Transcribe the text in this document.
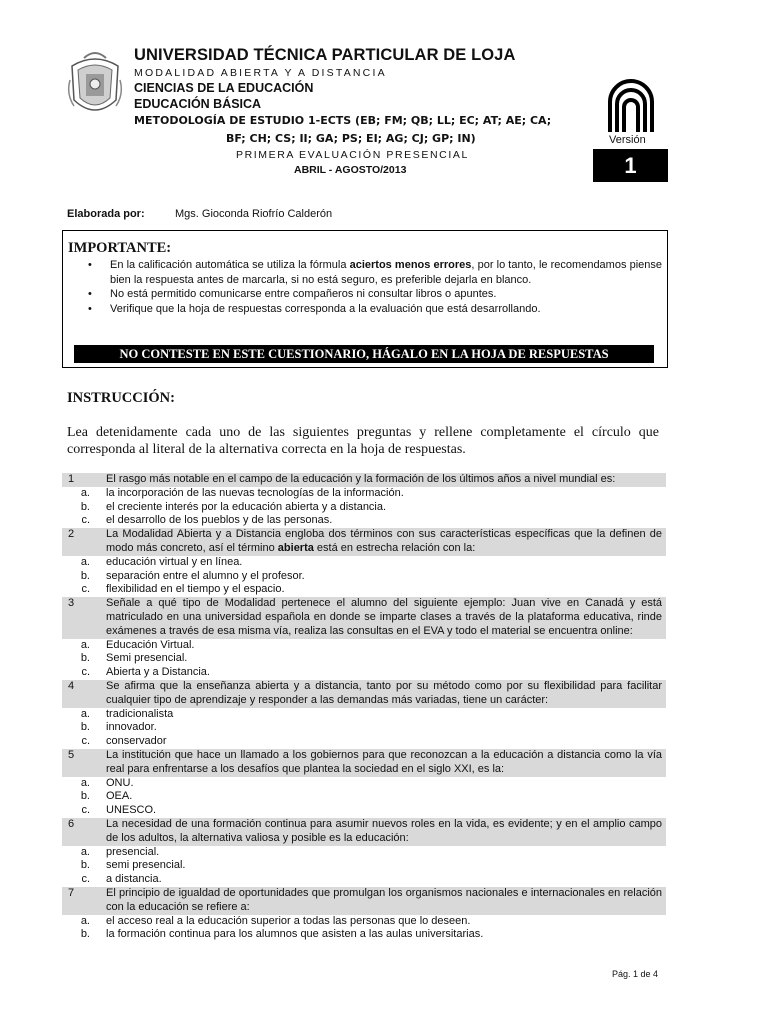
UNIVERSIDAD TÉCNICA PARTICULAR DE LOJA
MODALIDAD ABIERTA Y A DISTANCIA
CIENCIAS DE LA EDUCACIÓN
EDUCACIÓN BÁSICA
METODOLOGÍA DE ESTUDIO 1-ECTS (EB; FM; QB; LL; EC; AT; AE; CA;
BF; CH; CS; II; GA; PS; EI; AG; CJ; GP; IN)
PRIMERA EVALUACIÓN PRESENCIAL
ABRIL - AGOSTO/2013
Versión
1
Elaborada por:	Mgs. Gioconda Riofrío Calderón
IMPORTANTE:
• En la calificación automática se utiliza la fórmula aciertos menos errores, por lo tanto, le recomendamos piense bien la respuesta antes de marcarla, si no está seguro, es preferible dejarla en blanco.
• No está permitido comunicarse entre compañeros ni consultar libros o apuntes.
• Verifique que la hoja de respuestas corresponda a la evaluación que está desarrollando.
NO CONTESTE EN ESTE CUESTIONARIO, HÁGALO EN LA HOJA DE RESPUESTAS
INSTRUCCIÓN:
Lea detenidamente cada uno de las siguientes preguntas y rellene completamente el círculo que corresponda al literal de la alternativa correcta en la hoja de respuestas.
1	El rasgo más notable en el campo de la educación y la formación de los últimos años a nivel mundial es:
a.	la incorporación de las nuevas tecnologías de la información.
b.	el creciente interés por la educación abierta y a distancia.
c.	el desarrollo de los pueblos y de las personas.
2	La Modalidad Abierta y a Distancia engloba dos términos con sus características específicas que la definen de modo más concreto, así el término abierta está en estrecha relación con la:
a.	educación virtual y en línea.
b.	separación entre el alumno y el profesor.
c.	flexibilidad en el tiempo y el espacio.
3	Señale a qué tipo de Modalidad pertenece el alumno del siguiente ejemplo: Juan vive en Canadá y está matriculado en una universidad española en donde se imparte clases a través de la plataforma educativa, rinde exámenes a través de esa misma vía, realiza las consultas en el EVA y todo el material se encuentra online:
a.	Educación Virtual.
b.	Semi presencial.
c.	Abierta y a Distancia.
4	Se afirma que la enseñanza abierta y a distancia, tanto por su método como por su flexibilidad para facilitar cualquier tipo de aprendizaje y responder a las demandas más variadas, tiene un carácter:
a.	tradicionalista
b.	innovador.
c.	conservador
5	La institución que hace un llamado a los gobiernos para que reconozcan a la educación a distancia como la vía real para enfrentarse a los desafíos que plantea la sociedad en el siglo XXI, es la:
a.	ONU.
b.	OEA.
c.	UNESCO.
6	La necesidad de una formación continua para asumir nuevos roles en la vida, es evidente; y en el amplio campo de los adultos, la alternativa valiosa y posible es la educación:
a.	presencial.
b.	semi presencial.
c.	a distancia.
7	El principio de igualdad de oportunidades que promulgan los organismos nacionales e internacionales en relación con la educación se refiere a:
a.	el acceso real a la educación superior a todas las personas que lo deseen.
b.	la formación continua para los alumnos que asisten a las aulas universitarias.
Pág. 1 de 4
